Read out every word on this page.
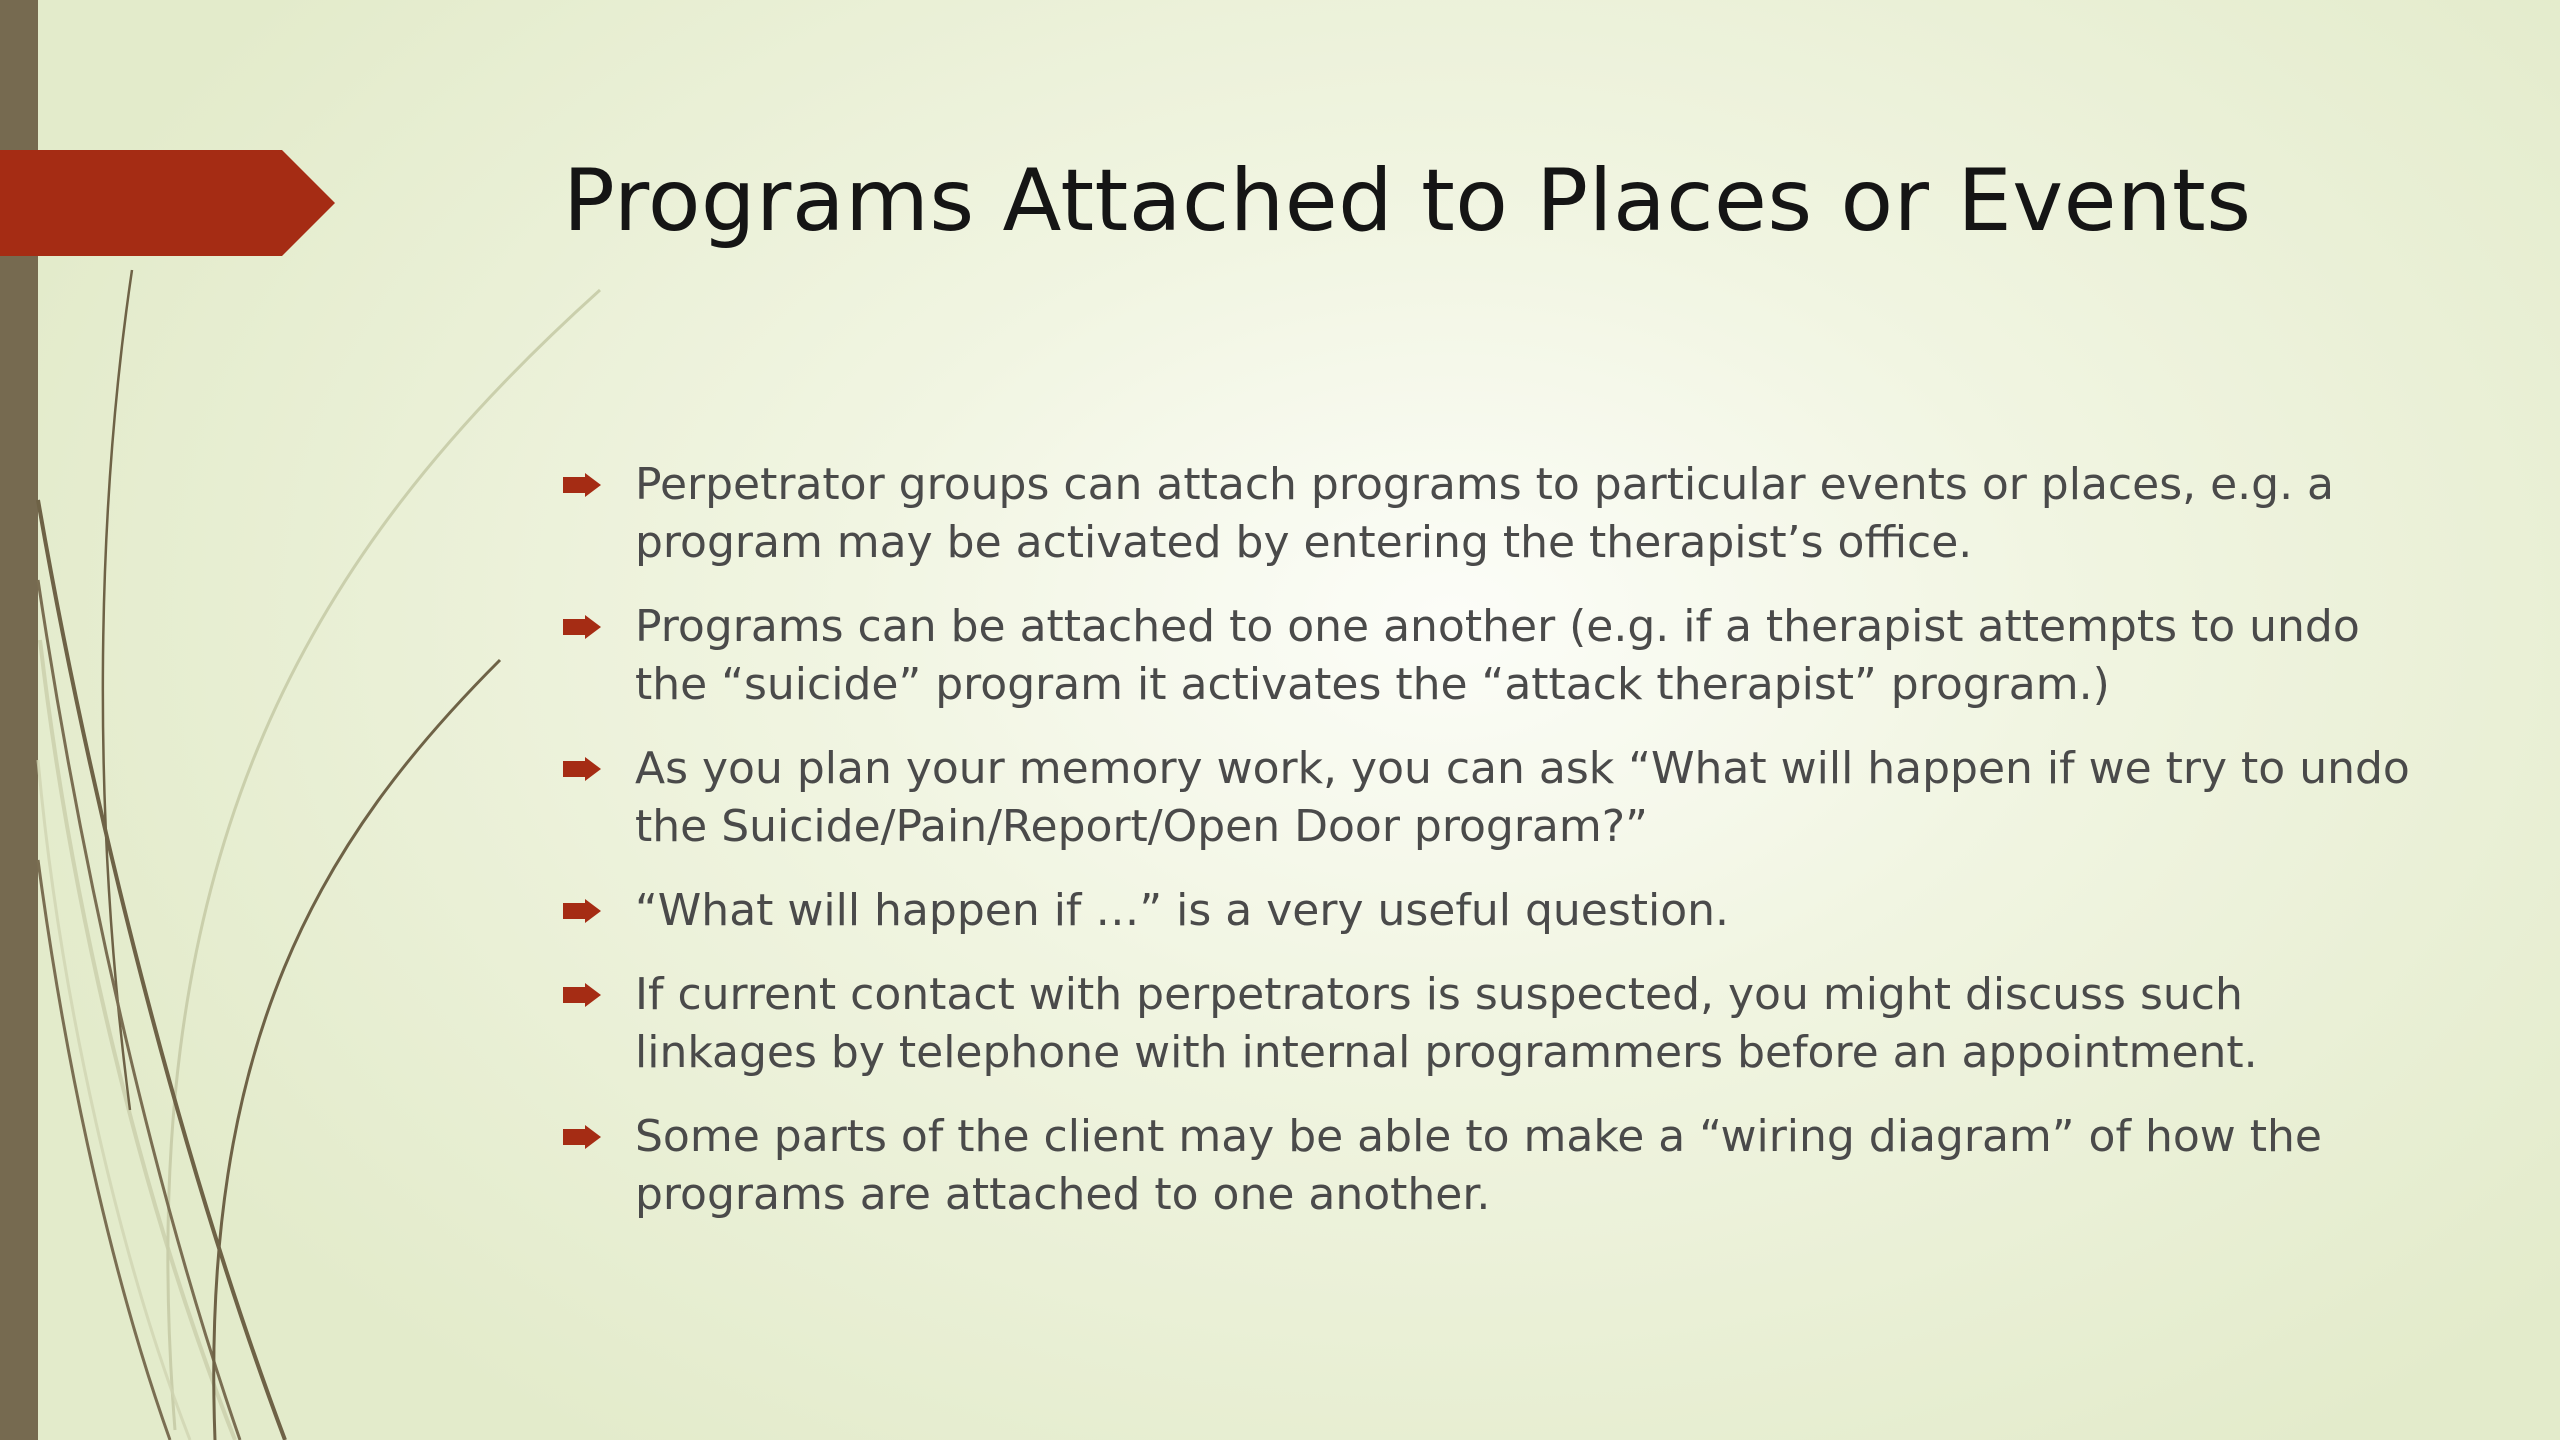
Programs Attached to Places or Events
Perpetrator groups can attach programs to particular events or places, e.g. a program may be activated by entering the therapist’s office.
Programs can be attached to one another (e.g. if a therapist attempts to undo the “suicide” program it activates the “attack therapist” program.)
As you plan your memory work, you can ask “What will happen if we try to undo the Suicide/Pain/Report/Open Door program?”
“What will happen if …” is a very useful question.
If current contact with perpetrators is suspected, you might discuss such linkages by telephone with internal programmers before an appointment.
Some parts of the client may be able to make a “wiring diagram” of how the programs are attached to one another.
